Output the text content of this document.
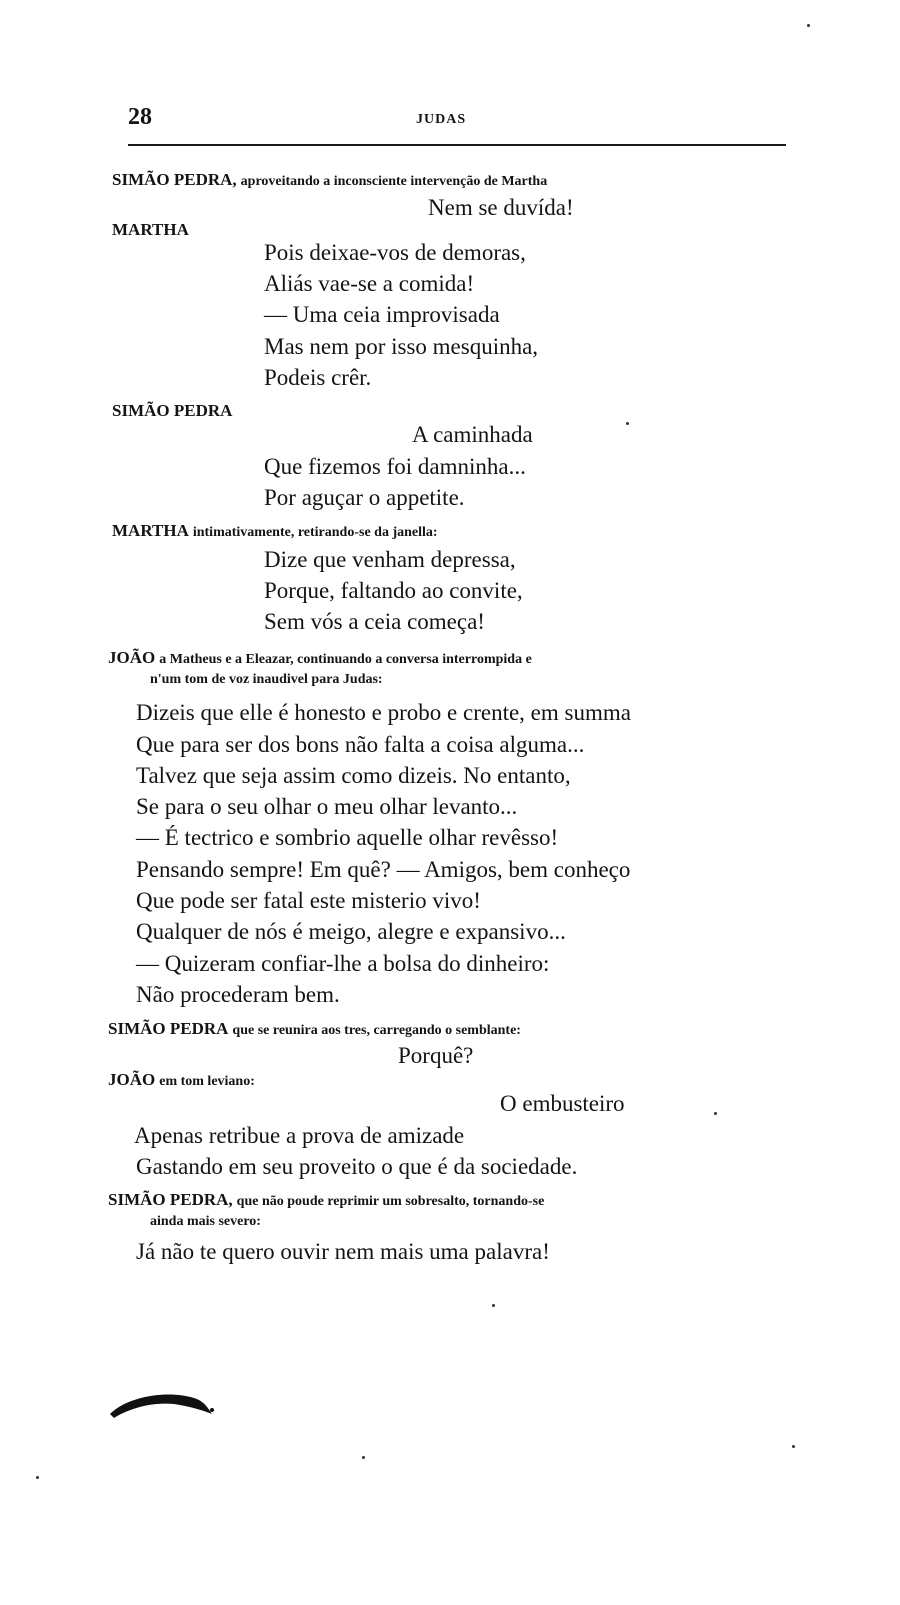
28	JUDAS
SIMÃO PEDRA, aproveitando a inconsciente intervenção de Martha
Nem se duvída!
MARTHA
Pois deixae-vos de demoras,
Aliás vae-se a comida!
— Uma ceia improvisada
Mas nem por isso mesquinha,
Podeis crêr.
SIMÃO PEDRA
A caminhada
Que fizemos foi damninha...
Por aguçar o appetite.
MARTHA intimativamente, retirando-se da janella:
Dize que venham depressa,
Porque, faltando ao convite,
Sem vós a ceia começa!
JOÃO a Matheus e a Eleazar, continuando a conversa interrompida e
n'um tom de voz inaudivel para Judas:
Dizeis que elle é honesto e probo e crente, em summa
Que para ser dos bons não falta a coisa alguma...
Talvez que seja assim como dizeis. No entanto,
Se para o seu olhar o meu olhar levanto...
— É tectrico e sombrio aquelle olhar revêsso!
Pensando sempre! Em quê? — Amigos, bem conheço
Que pode ser fatal este misterio vivo!
Qualquer de nós é meigo, alegre e expansivo...
— Quizeram confiar-lhe a bolsa do dinheiro:
Não procederam bem.
SIMÃO PEDRA que se reunira aos tres, carregando o semblante:
Porquê?
JOÃO em tom leviano:
O embusteiro
Apenas retribue a prova de amizade
Gastando em seu proveito o que é da sociedade.
SIMÃO PEDRA, que não poude reprimir um sobresalto, tornando-se
ainda mais severo:
Já não te quero ouvir nem mais uma palavra!
